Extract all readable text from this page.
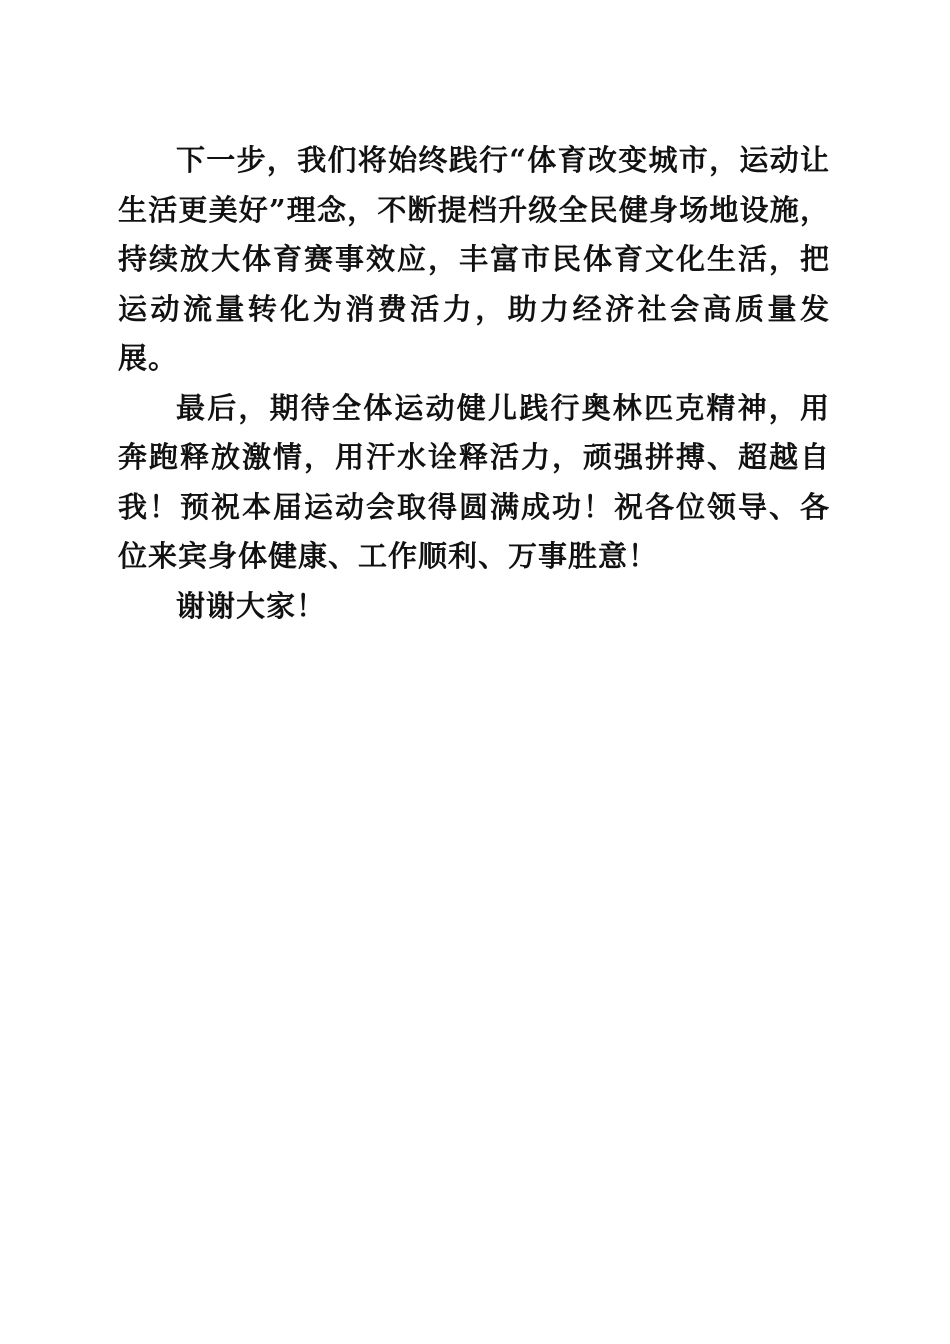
下一步，我们将始终践行“体育改变城市，运动让生活更美好”理念，不断提档升级全民健身场地设施，持续放大体育赛事效应，丰富市民体育文化生活，把运动流量转化为消费活力，助力经济社会高质量发展。

最后，期待全体运动健儿践行奥林匹克精神，用奔跑释放激情，用汗水诠释活力，顽强拼搏、超越自我！预祝本届运动会取得圆满成功！祝各位领导、各位来宾身体健康、工作顺利、万事胜意！

谢谢大家！
